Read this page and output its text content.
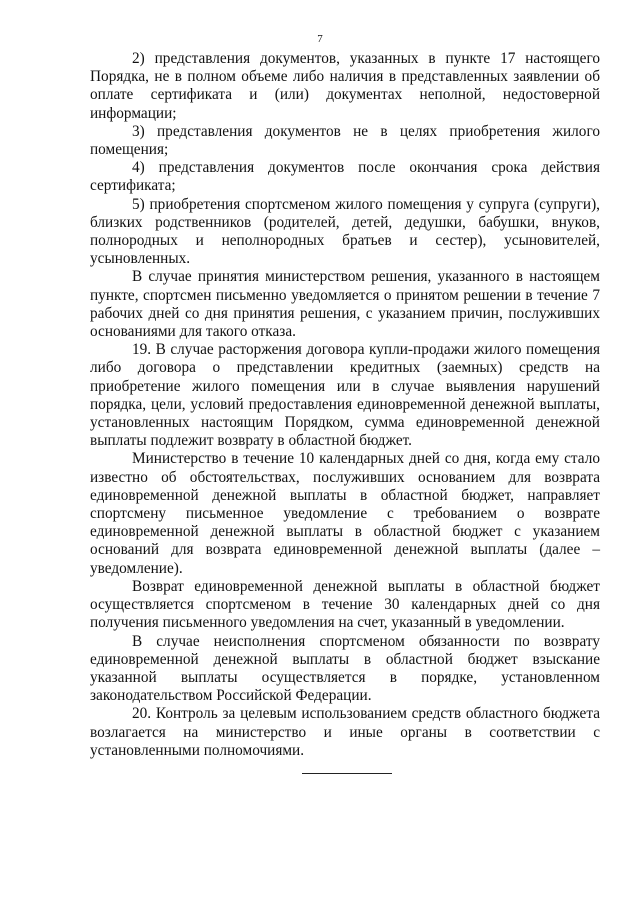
7

2) представления документов, указанных в пункте 17 настоящего Порядка, не в полном объеме либо наличия в представленных заявлении об оплате сертификата и (или) документах неполной, недостоверной информации;

3) представления документов не в целях приобретения жилого помещения;

4) представления документов после окончания срока действия сертификата;

5) приобретения спортсменом жилого помещения у супруга (супруги), близких родственников (родителей, детей, дедушки, бабушки, внуков, полнородных и неполнородных братьев и сестер), усыновителей, усыновленных.

В случае принятия министерством решения, указанного в настоящем пункте, спортсмен письменно уведомляется о принятом решении в течение 7 рабочих дней со дня принятия решения, с указанием причин, послуживших основаниями для такого отказа.

19. В случае расторжения договора купли-продажи жилого помещения либо договора о представлении кредитных (заемных) средств на приобретение жилого помещения или в случае выявления нарушений порядка, цели, условий предоставления единовременной денежной выплаты, установленных настоящим Порядком, сумма единовременной денежной выплаты подлежит возврату в областной бюджет.

Министерство в течение 10 календарных дней со дня, когда ему стало известно об обстоятельствах, послуживших основанием для возврата единовременной денежной выплаты в областной бюджет, направляет спортсмену письменное уведомление с требованием о возврате единовременной денежной выплаты в областной бюджет с указанием оснований для возврата единовременной денежной выплаты (далее – уведомление).

Возврат единовременной денежной выплаты в областной бюджет осуществляется спортсменом в течение 30 календарных дней со дня получения письменного уведомления на счет, указанный в уведомлении.

В случае неисполнения спортсменом обязанности по возврату единовременной денежной выплаты в областной бюджет взыскание указанной выплаты осуществляется в порядке, установленном законодательством Российской Федерации.

20. Контроль за целевым использованием средств областного бюджета возлагается на министерство и иные органы в соответствии с установленными полномочиями.
